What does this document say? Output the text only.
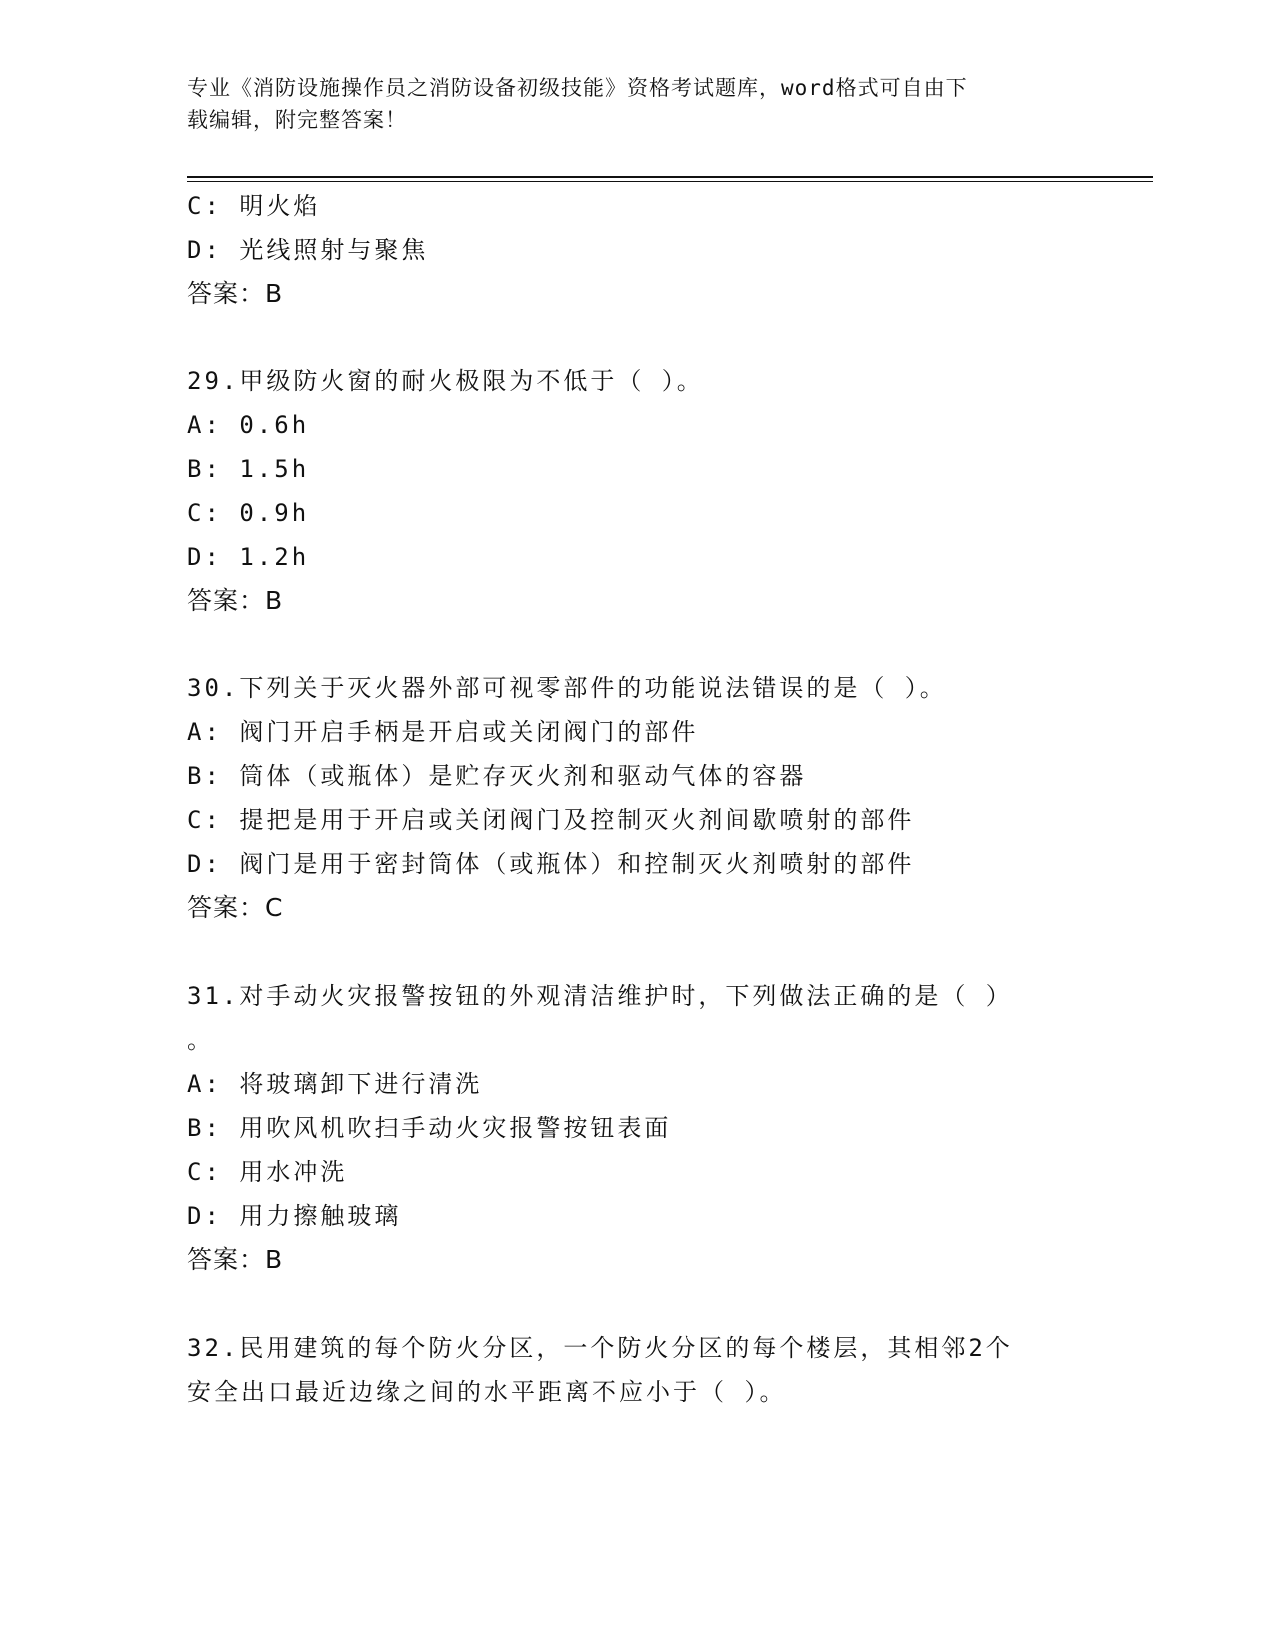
专业《消防设施操作员之消防设备初级技能》资格考试题库，word格式可自由下
载编辑，附完整答案！
C: 明火焰
D: 光线照射与聚焦
答案：B
29.甲级防火窗的耐火极限为不低于（ ）。
A: 0.6h
B: 1.5h
C: 0.9h
D: 1.2h
答案：B
30.下列关于灭火器外部可视零部件的功能说法错误的是（ ）。
A: 阀门开启手柄是开启或关闭阀门的部件
B: 筒体（或瓶体）是贮存灭火剂和驱动气体的容器
C: 提把是用于开启或关闭阀门及控制灭火剂间歇喷射的部件
D: 阀门是用于密封筒体（或瓶体）和控制灭火剂喷射的部件
答案：C
31.对手动火灾报警按钮的外观清洁维护时，下列做法正确的是（ ）
。
A: 将玻璃卸下进行清洗
B: 用吹风机吹扫手动火灾报警按钮表面
C: 用水冲洗
D: 用力擦触玻璃
答案：B
32.民用建筑的每个防火分区，一个防火分区的每个楼层，其相邻2个
安全出口最近边缘之间的水平距离不应小于（ ）。
